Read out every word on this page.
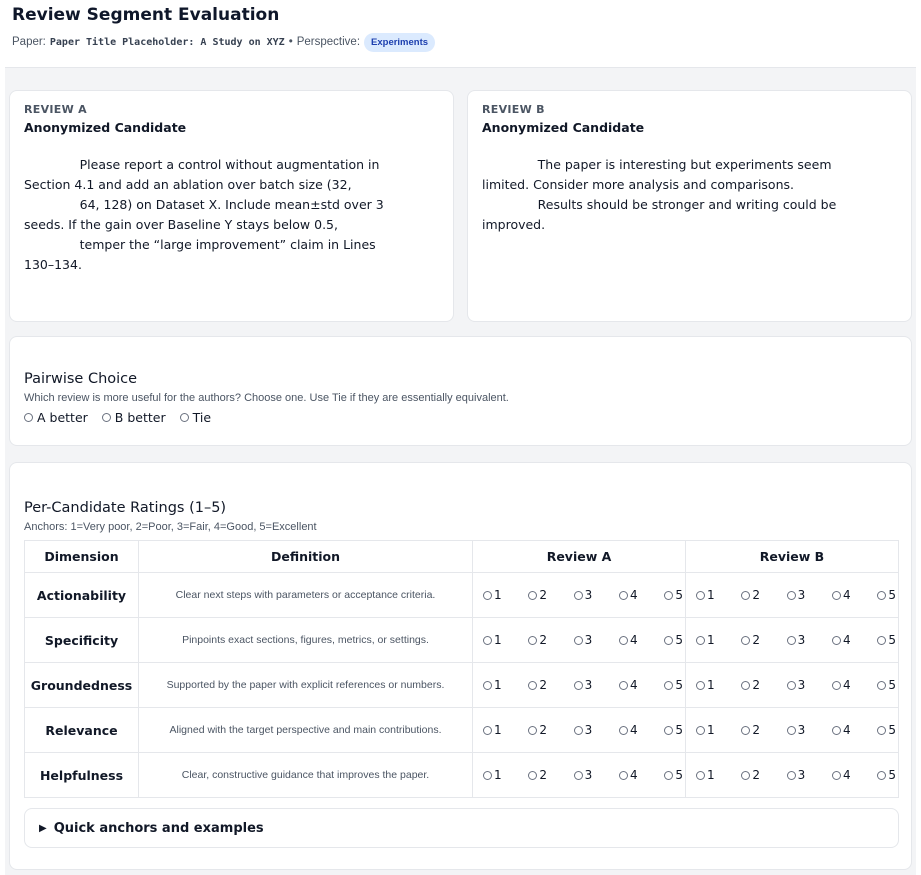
Review Segment Evaluation
Paper: Paper Title Placeholder: A Study on XYZ • Perspective:	Experiments
REVIEW A
Anonymized Candidate
Please report a control without augmentation in
Section 4.1 and add an ablation over batch size (32,
64, 128) on Dataset X. Include mean±std over 3
seeds. If the gain over Baseline Y stays below 0.5,
temper the “large improvement” claim in Lines
130–134.
REVIEW B
Anonymized Candidate
The paper is interesting but experiments seem
limited. Consider more analysis and comparisons.
Results should be stronger and writing could be
improved.
Pairwise Choice
Which review is more useful for the authors? Choose one. Use Tie if they are essentially equivalent.
A better B better Tie
Per-Candidate Ratings (1–5)
Anchors: 1=Very poor, 2=Poor, 3=Fair, 4=Good, 5=Excellent
Dimension	Definition	Review A	Review B
Actionability	Clear next steps with parameters or acceptance criteria.	1 2 3 4 5	1 2 3 4 5

Specificity	Pinpoints exact sections, figures, metrics, or settings.	1 2 3 4 5	1 2 3 4 5

Groundedness	Supported by the paper with explicit references or numbers.	1 2 3 4 5	1 2 3 4 5

Relevance	Aligned with the target perspective and main contributions.	1 2 3 4 5	1 2 3 4 5

Helpfulness	Clear, constructive guidance that improves the paper.	1 2 3 4 5	1 2 3 4 5
▶ Quick anchors and examples
